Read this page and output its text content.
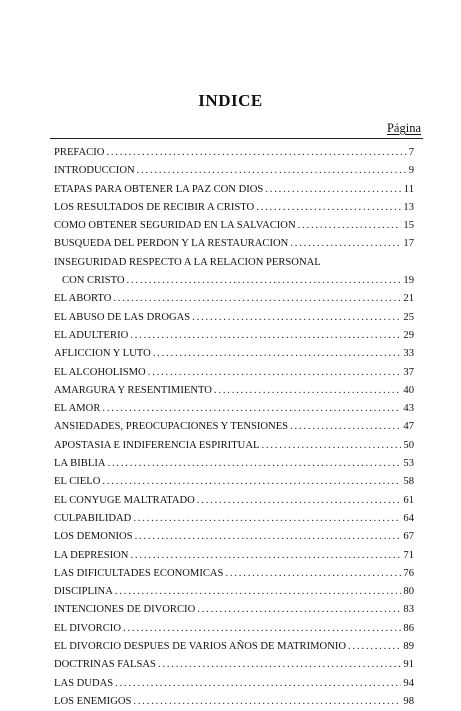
INDICE
Página
PREFACIO .....	7
INTRODUCCION .....	9
ETAPAS PARA OBTENER LA PAZ CON DIOS .....	11
LOS RESULTADOS DE RECIBIR A CRISTO .....	13
COMO OBTENER SEGURIDAD EN LA SALVACION .....	15
BUSQUEDA DEL PERDON Y LA RESTAURACION .....	17
INSEGURIDAD RESPECTO A LA RELACION PERSONAL
CON CRISTO .....	19
EL ABORTO .....	21
EL ABUSO DE LAS DROGAS .....	25
EL ADULTERIO .....	29
AFLICCION Y LUTO .....	33
EL ALCOHOLISMO .....	37
AMARGURA Y RESENTIMIENTO .....	40
EL AMOR .....	43
ANSIEDADES, PREOCUPACIONES Y TENSIONES .....	47
APOSTASIA E INDIFERENCIA ESPIRITUAL .....	50
LA BIBLIA .....	53
EL CIELO .....	58
EL CONYUGE MALTRATADO .....	61
CULPABILIDAD .....	64
LOS DEMONIOS .....	67
LA DEPRESION .....	71
LAS DIFICULTADES ECONOMICAS .....	76
DISCIPLINA .....	80
INTENCIONES DE DIVORCIO .....	83
EL DIVORCIO .....	86
EL DIVORCIO DESPUES DE VARIOS AÑOS DE MATRIMONIO .....	89
DOCTRINAS FALSAS .....	91
LAS DUDAS .....	94
LOS ENEMIGOS .....	98
